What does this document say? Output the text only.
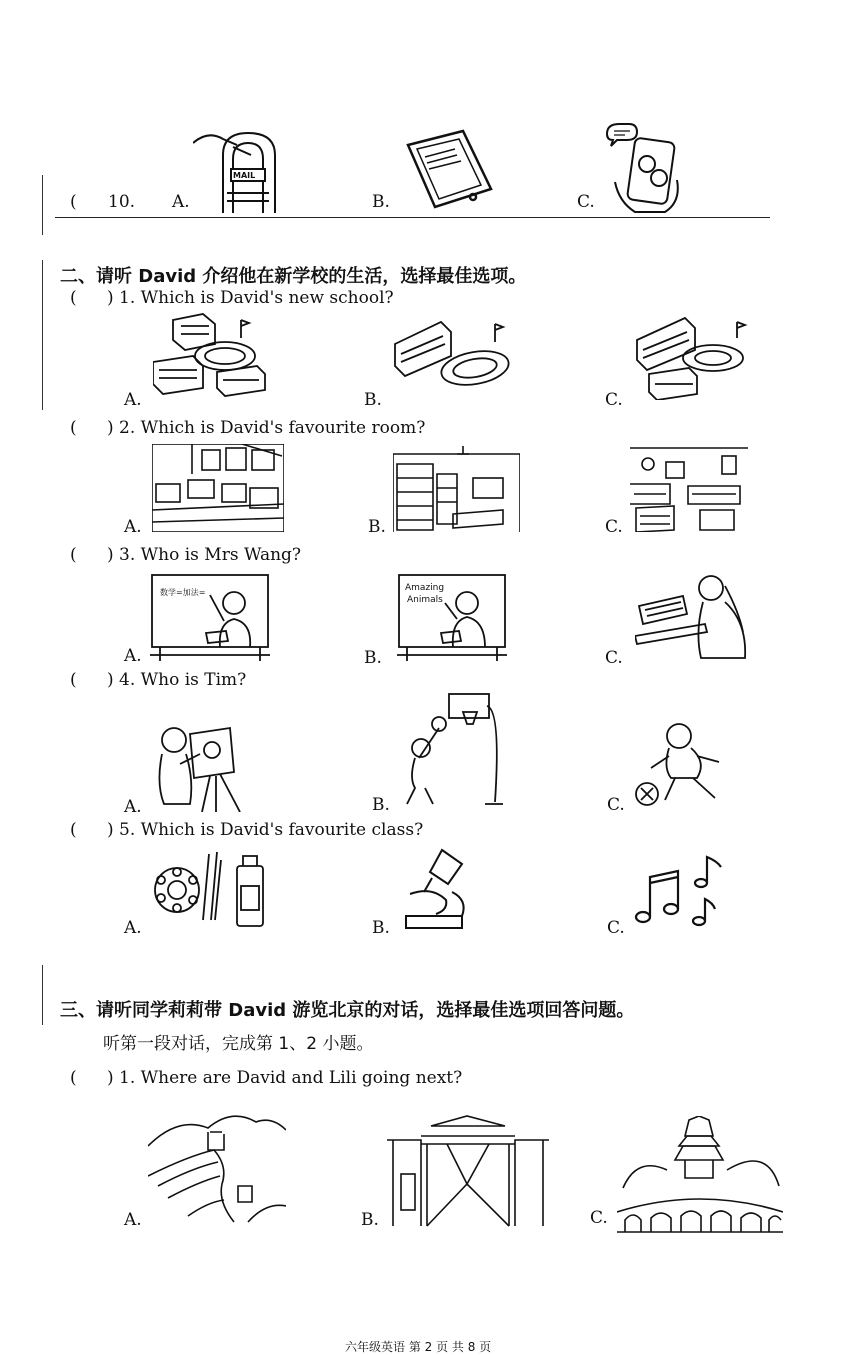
( 10. A.	B.	C.
MAIL
二、请听 David 介绍他在新学校的生活，选择最佳选项。
( ) 1. Which is David's new school?
A.	B.	C.
( ) 2. Which is David's favourite room?
A.	B.	C.
( ) 3. Who is Mrs Wang?
A.	B.	C.
数学=加法=	Amazing
Animals
( ) 4. Who is Tim?
A.	B.	C.
( ) 5. Which is David's favourite class?
A.	B.	C.
三、请听同学莉莉带 David 游览北京的对话，选择最佳选项回答问题。
听第一段对话，完成第 1、2 小题。
( ) 1. Where are David and Lili going next?
A.	B.	C.
六年级英语 第 2 页 共 8 页
